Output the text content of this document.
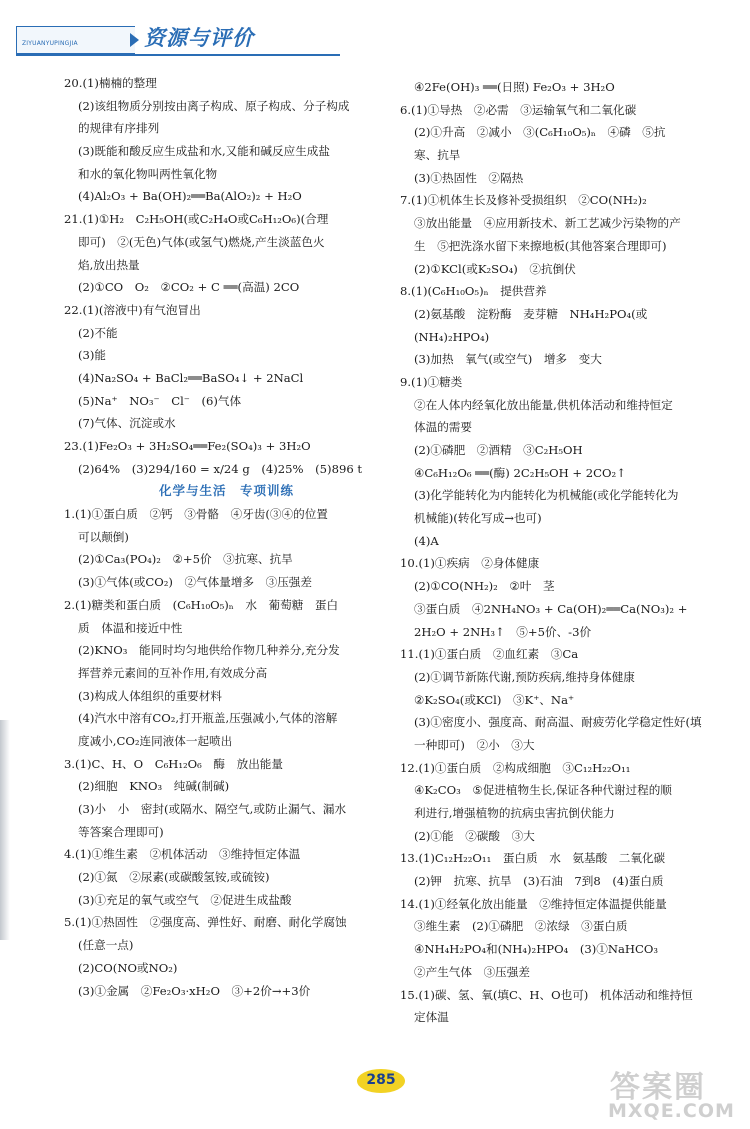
ZIYUANYUPINGJIA	资源与评价
20.(1)楠楠的整理
(2)该组物质分别按由离子构成、原子构成、分子构成
的规律有序排列
(3)既能和酸反应生成盐和水,又能和碱反应生成盐
和水的氧化物叫两性氧化物
(4)Al₂O₃ + Ba(OH)₂══Ba(AlO₂)₂ + H₂O
21.(1)①H₂　C₂H₅OH(或C₂H₄O或C₆H₁₂O₆)(合理
即可)　②(无色)气体(或氢气)燃烧,产生淡蓝色火
焰,放出热量
(2)①CO　O₂　②CO₂ + C ══(高温) 2CO
22.(1)(溶液中)有气泡冒出
(2)不能
(3)能
(4)Na₂SO₄ + BaCl₂══BaSO₄↓ + 2NaCl
(5)Na⁺　NO₃⁻　Cl⁻　(6)气体
(7)气体、沉淀或水
23.(1)Fe₂O₃ + 3H₂SO₄══Fe₂(SO₄)₃ + 3H₂O
(2)64%　(3)294/160 = x/24 g　(4)25%　(5)896 t
化学与生活　专项训练
1.(1)①蛋白质　②钙　③骨骼　④牙齿(③④的位置
可以颠倒)
(2)①Ca₃(PO₄)₂　②+5价　③抗寒、抗旱
(3)①气体(或CO₂)　②气体量增多　③压强差
2.(1)糖类和蛋白质　(C₆H₁₀O₅)ₙ　水　葡萄糖　蛋白
质　体温和接近中性
(2)KNO₃　能同时均匀地供给作物几种养分,充分发
挥营养元素间的互补作用,有效成分高
(3)构成人体组织的重要材料
(4)汽水中溶有CO₂,打开瓶盖,压强减小,气体的溶解
度减小,CO₂连同液体一起喷出
3.(1)C、H、O　C₆H₁₂O₆　酶　放出能量
(2)细胞　KNO₃　纯碱(制碱)
(3)小　小　密封(或隔水、隔空气,或防止漏气、漏水
等答案合理即可)
4.(1)①维生素　②机体活动　③维持恒定体温
(2)①氮　②尿素(或碳酸氢铵,或硫铵)
(3)①充足的氧气或空气　②促进生成盐酸
5.(1)①热固性　②强度高、弹性好、耐磨、耐化学腐蚀
(任意一点)
(2)CO(NO或NO₂)
(3)①金属　②Fe₂O₃·xH₂O　③+2价→+3价
④2Fe(OH)₃ ══(日照) Fe₂O₃ + 3H₂O
6.(1)①导热　②必需　③运输氧气和二氧化碳
(2)①升高　②减小　③(C₆H₁₀O₅)ₙ　④磷　⑤抗
寒、抗旱
(3)①热固性　②隔热
7.(1)①机体生长及修补受损组织　②CO(NH₂)₂
③放出能量　④应用新技术、新工艺减少污染物的产
生　⑤把洗涤水留下来擦地板(其他答案合理即可)
(2)①KCl(或K₂SO₄)　②抗倒伏
8.(1)(C₆H₁₀O₅)ₙ　提供营养
(2)氨基酸　淀粉酶　麦芽糖　NH₄H₂PO₄(或
(NH₄)₂HPO₄)
(3)加热　氧气(或空气)　增多　变大
9.(1)①糖类
②在人体内经氧化放出能量,供机体活动和维持恒定
体温的需要
(2)①磷肥　②酒精　③C₂H₅OH
④C₆H₁₂O₆ ══(酶) 2C₂H₅OH + 2CO₂↑
(3)化学能转化为内能转化为机械能(或化学能转化为
机械能)(转化写成→也可)
(4)A
10.(1)①疾病　②身体健康
(2)①CO(NH₂)₂　②叶　茎
③蛋白质　④2NH₄NO₃ + Ca(OH)₂══Ca(NO₃)₂ +
2H₂O + 2NH₃↑　⑤+5价、-3价
11.(1)①蛋白质　②血红素　③Ca
(2)①调节新陈代谢,预防疾病,维持身体健康
②K₂SO₄(或KCl)　③K⁺、Na⁺
(3)①密度小、强度高、耐高温、耐疲劳化学稳定性好(填
一种即可)　②小　③大
12.(1)①蛋白质　②构成细胞　③C₁₂H₂₂O₁₁
④K₂CO₃　⑤促进植物生长,保证各种代谢过程的顺
利进行,增强植物的抗病虫害抗倒伏能力
(2)①能　②碳酸　③大
13.(1)C₁₂H₂₂O₁₁　蛋白质　水　氨基酸　二氧化碳
(2)钾　抗寒、抗旱　(3)石油　7到8　(4)蛋白质
14.(1)①经氧化放出能量　②维持恒定体温提供能量
③维生素　(2)①磷肥　②浓绿　③蛋白质
④NH₄H₂PO₄和(NH₄)₂HPO₄　(3)①NaHCO₃
②产生气体　③压强差
15.(1)碳、氢、氧(填C、H、O也可)　机体活动和维持恒
定体温
285	答案圈
MXQE.COM
